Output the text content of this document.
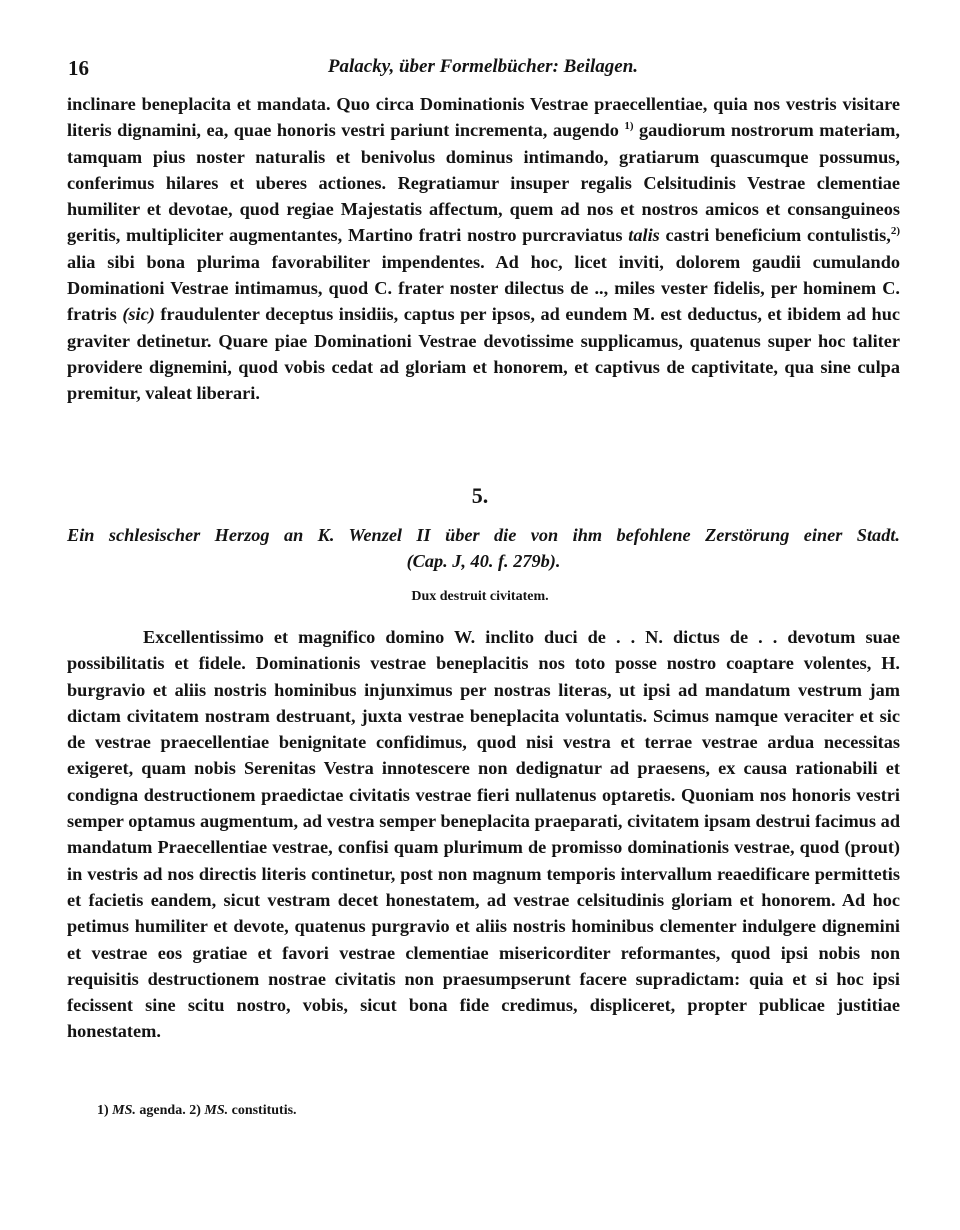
16	Palacky, über Formelbücher: Beilagen.

inclinare beneplacita et mandata. Quo circa Dominationis Vestrae praecellentiae, quia nos vestris visitare literis dignamini, ea, quae honoris vestri pariunt incrementa, augendo $^{1)}$ gaudiorum nostrorum materiam, tamquam pius noster naturalis et benivolus dominus intimando, gratiarum quascumque possumus, conferimus hilares et uberes actiones. Regratiamur insuper regalis Celsitudinis Vestrae clementiae humiliter et devotae, quod regiae Majestatis affectum, quem ad nos et nostros amicos et consanguineos geritis, multipliciter augmentantes, Martino fratri nostro purcraviatus talis castri beneficium contulistis,$^{2)}$ alia sibi bona plurima favorabiliter impendentes. Ad hoc, licet inviti, dolorem gaudii cumulando Dominationi Vestrae intimamus, quod C. frater noster dilectus de .., miles vester fidelis, per hominem C. fratris (sic) fraudulenter deceptus insidiis, captus per ipsos, ad eundem M. est deductus, et ibidem ad huc graviter detinetur. Quare piae Dominationi Vestrae devotissime supplicamus, quatenus super hoc taliter providere dignemini, quod vobis cedat ad gloriam et honorem, et captivus de captivitate, qua sine culpa premitur, valeat liberari.

5.
Ein schlesischer Herzog an K. Wenzel II über die von ihm befohlene Zerstörung einer Stadt.
(Cap. J, 40. f. 279b).
Dux destruit civitatem.

Excellentissimo et magnifico domino W. inclito duci de . . N. dictus de . . devotum suae possibilitatis et fidele. Dominationis vestrae beneplacitis nos toto posse nostro coaptare volentes, H. burgravio et aliis nostris hominibus injunximus per nostras literas, ut ipsi ad mandatum vestrum jam dictam civitatem nostram destruant, juxta vestrae beneplacita voluntatis. Scimus namque veraciter et sic de vestrae praecellentiae benignitate confidimus, quod nisi vestra et terrae vestrae ardua necessitas exigeret, quam nobis Serenitas Vestra innotescere non dedignatur ad praesens, ex causa rationabili et condigna destructionem praedictae civitatis vestrae fieri nullatenus optaretis. Quoniam nos honoris vestri semper optamus augmentum, ad vestra semper beneplacita praeparati, civitatem ipsam destrui facimus ad mandatum Praecellentiae vestrae, confisi quam plurimum de promisso dominationis vestrae, quod (prout) in vestris ad nos directis literis continetur, post non magnum temporis intervallum reaedificare permittetis et facietis eandem, sicut vestram decet honestatem, ad vestrae celsitudinis gloriam et honorem. Ad hoc petimus humiliter et devote, quatenus purgravio et aliis nostris hominibus clementer indulgere dignemini et vestrae eos gratiae et favori vestrae clementiae misericorditer reformantes, quod ipsi nobis non requisitis destructionem nostrae civitatis non praesumpserunt facere supradictam: quia et si hoc ipsi fecissent sine scitu nostro, vobis, sicut bona fide credimus, displiceret, propter publicae justitiae honestatem.

1) MS. agenda. 2) MS. constitutis.
